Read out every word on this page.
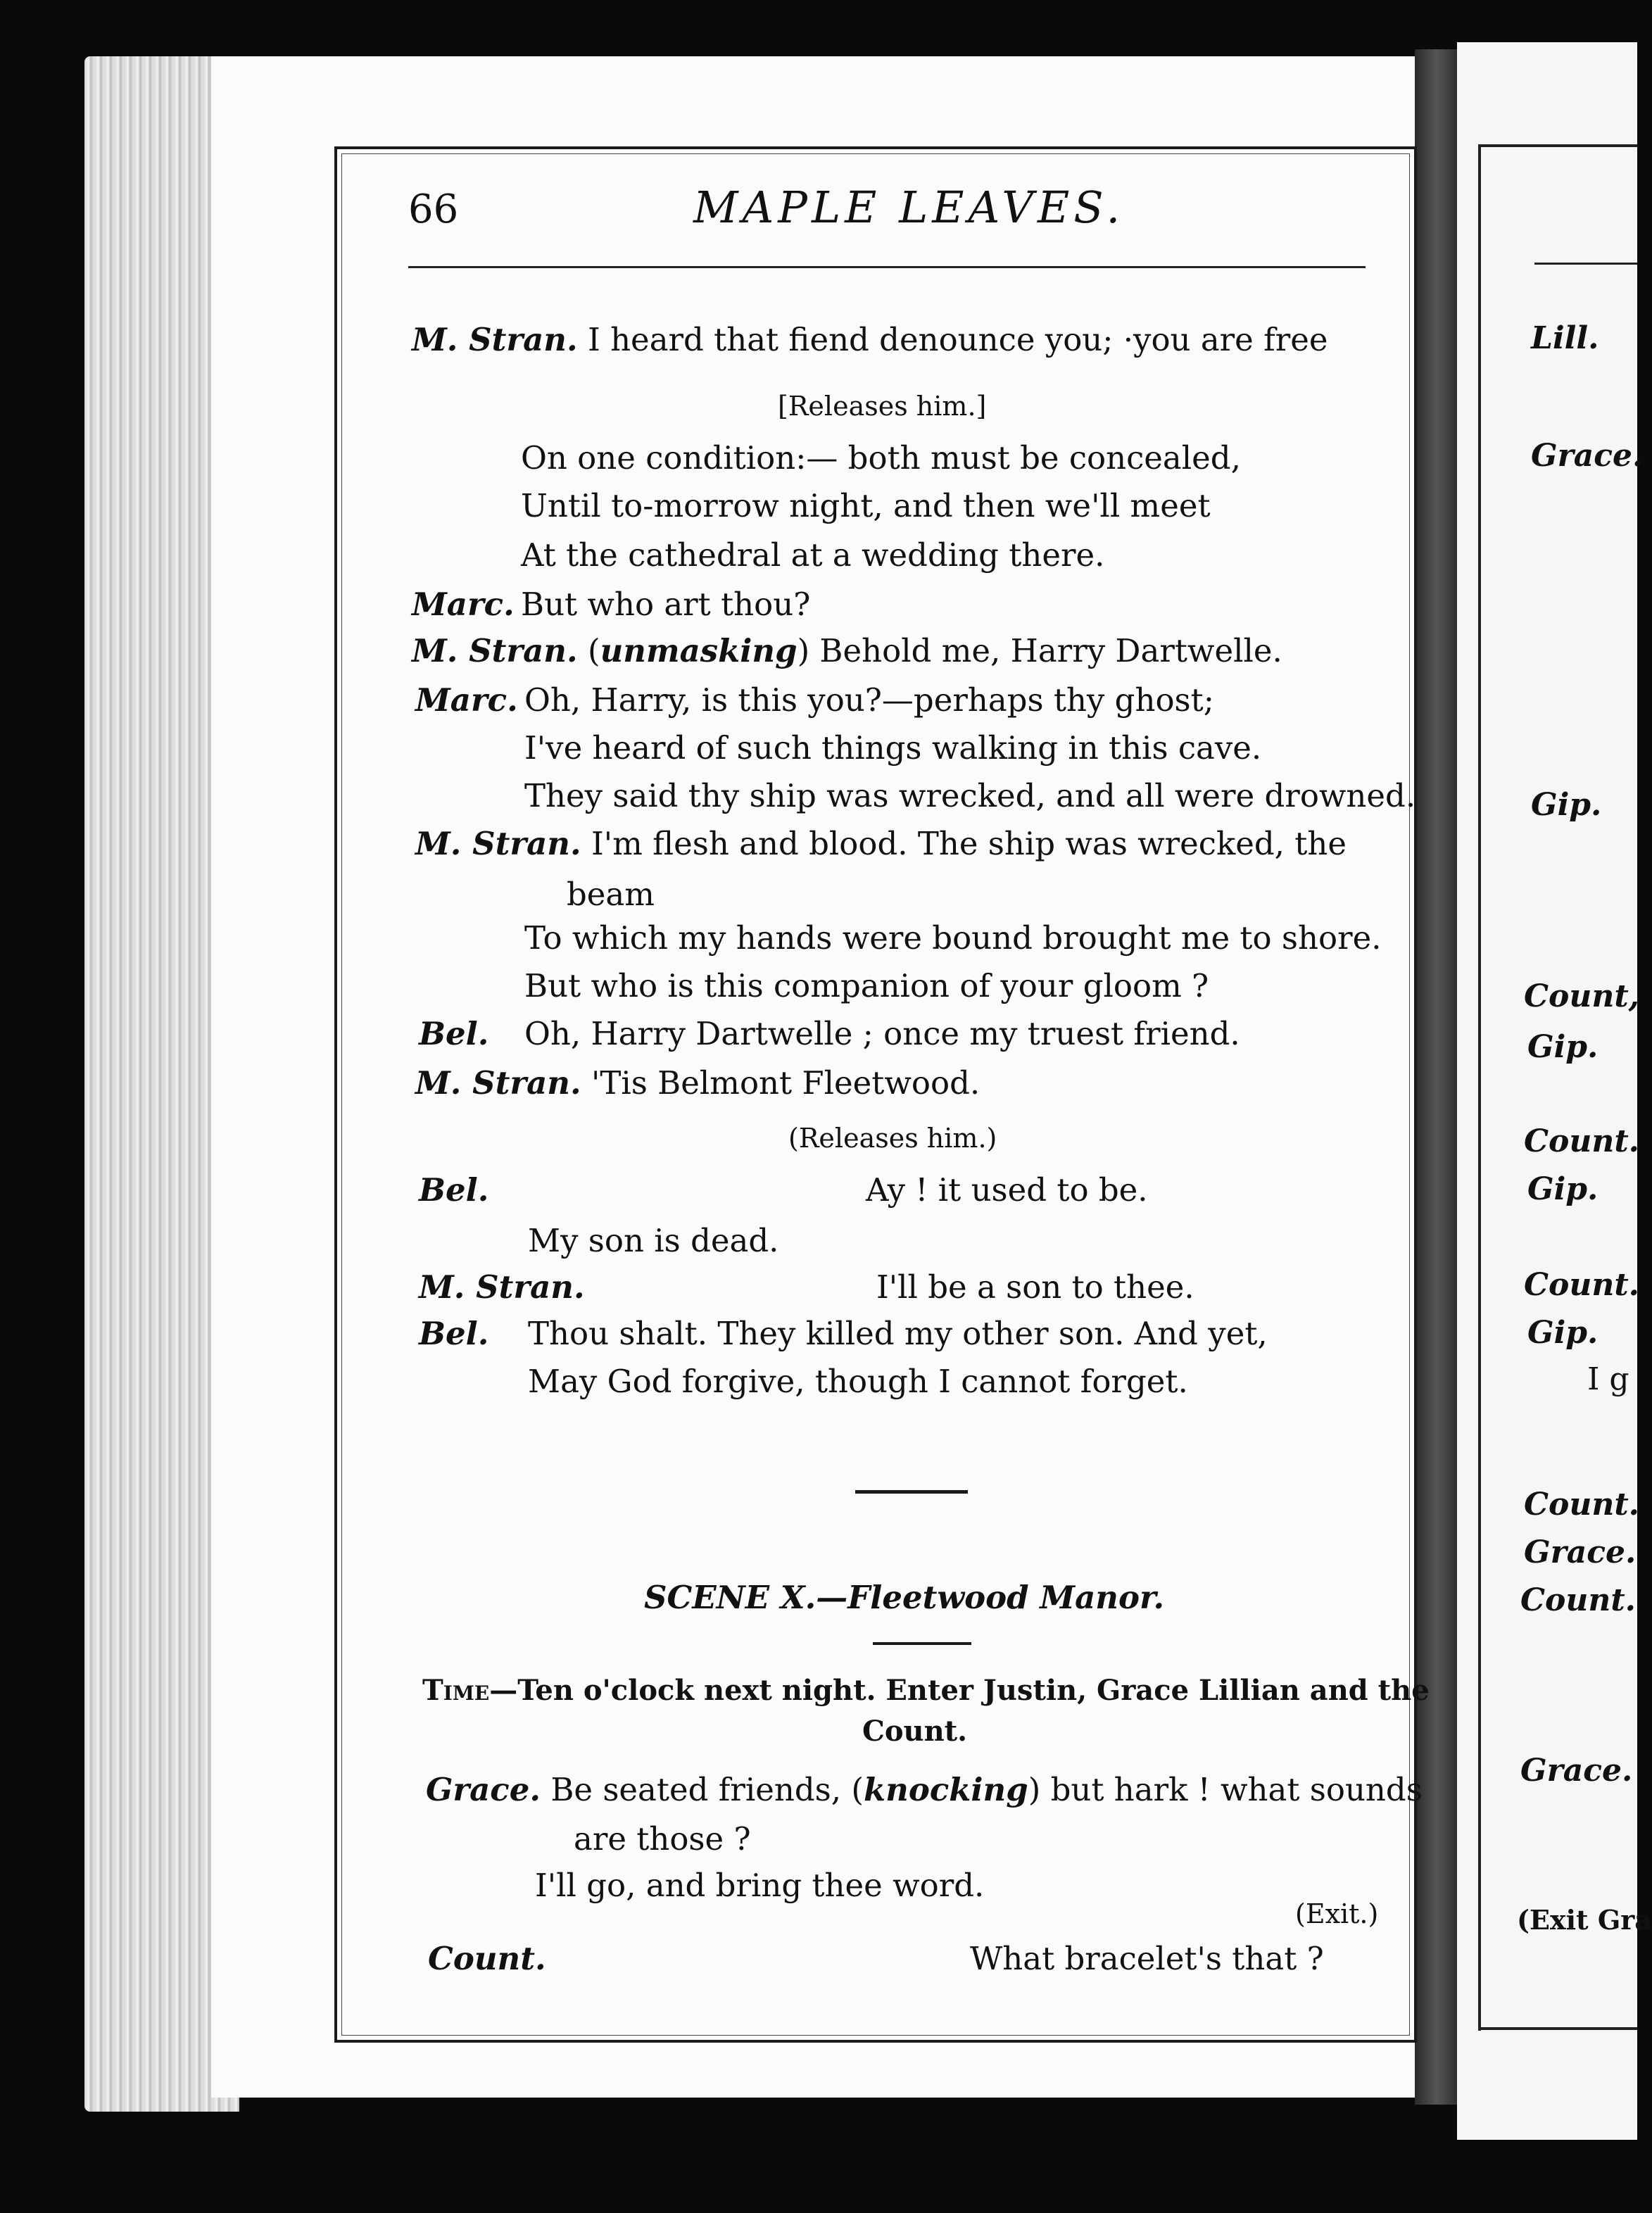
66	MAPLE LEAVES.
M. Stran. I heard that fiend denounce you; ·you are free
[Releases him.]
On one condition:— both must be concealed,
Until to-morrow night, and then we'll meet
At the cathedral at a wedding there.
Marc. But who art thou?
M. Stran. (unmasking) Behold me, Harry Dartwelle.
Marc. Oh, Harry, is this you?—perhaps thy ghost;
I've heard of such things walking in this cave.
They said thy ship was wrecked, and all were drowned.
M. Stran. I'm flesh and blood. The ship was wrecked, the
beam
To which my hands were bound brought me to shore.
But who is this companion of your gloom ?
Bel. Oh, Harry Dartwelle ; once my truest friend.
M. Stran. 'Tis Belmont Fleetwood.
(Releases him.)
Bel.	Ay ! it used to be.
My son is dead.
M. Stran.	I'll be a son to thee.
Bel. Thou shalt. They killed my other son. And yet,
May God forgive, though I cannot forget.
SCENE X.—Fleetwood Manor.
Time—Ten o'clock next night. Enter Justin, Grace Lillian and the
Count.
Grace. Be seated friends, (knocking) but hark ! what sounds
are those ?
I'll go, and bring thee word.
(Exit.)
Count.	What bracelet's that ?
Lill.
Grace.
Gip.
Count,
Gip.
Count.
Gip.
Count.
Gip.
I g
Count.
Grace.
Count.
Grace.
(Exit Gra
